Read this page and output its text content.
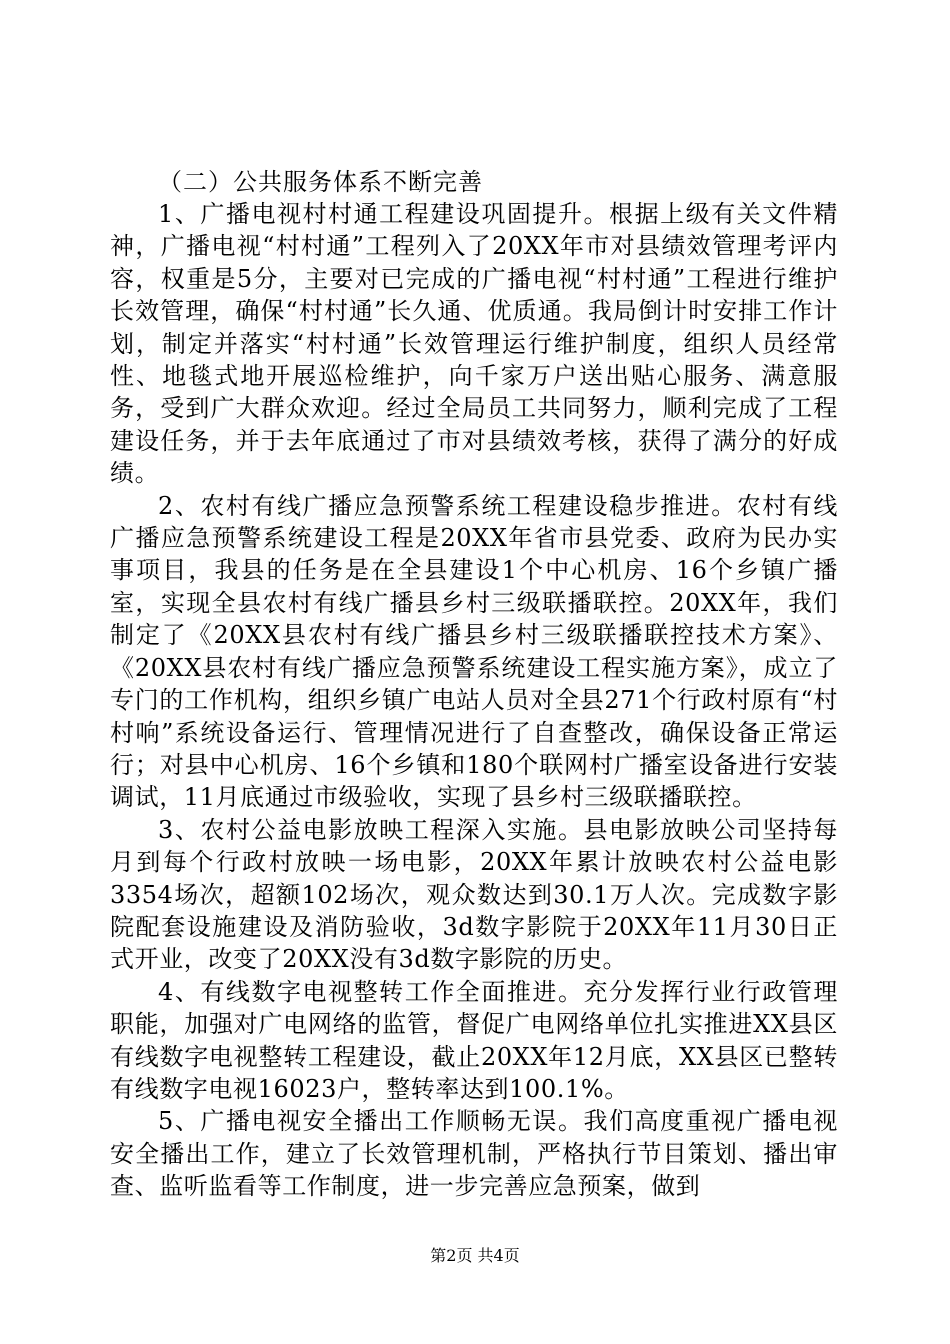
（二）公共服务体系不断完善

1、广播电视村村通工程建设巩固提升。根据上级有关文件精神，广播电视“村村通”工程列入了20XX年市对县绩效管理考评内容，权重是5分，主要对已完成的广播电视“村村通”工程进行维护长效管理，确保“村村通”长久通、优质通。我局倒计时安排工作计划，制定并落实“村村通”长效管理运行维护制度，组织人员经常性、地毯式地开展巡检维护，向千家万户送出贴心服务、满意服务，受到广大群众欢迎。经过全局员工共同努力，顺利完成了工程建设任务，并于去年底通过了市对县绩效考核，获得了满分的好成绩。

2、农村有线广播应急预警系统工程建设稳步推进。农村有线广播应急预警系统建设工程是20XX年省市县党委、政府为民办实事项目，我县的任务是在全县建设1个中心机房、16个乡镇广播室，实现全县农村有线广播县乡村三级联播联控。20XX年，我们制定了《20XX县农村有线广播县乡村三级联播联控技术方案》、《20XX县农村有线广播应急预警系统建设工程实施方案》，成立了专门的工作机构，组织乡镇广电站人员对全县271个行政村原有“村村响”系统设备运行、管理情况进行了自查整改，确保设备正常运行；对县中心机房、16个乡镇和180个联网村广播室设备进行安装调试，11月底通过市级验收，实现了县乡村三级联播联控。

3、农村公益电影放映工程深入实施。县电影放映公司坚持每月到每个行政村放映一场电影，20XX年累计放映农村公益电影3354场次，超额102场次，观众数达到30.1万人次。完成数字影院配套设施建设及消防验收，3d数字影院于20XX年11月30日正式开业，改变了20XX没有3d数字影院的历史。

4、有线数字电视整转工作全面推进。充分发挥行业行政管理职能，加强对广电网络的监管，督促广电网络单位扎实推进XX县区有线数字电视整转工程建设，截止20XX年12月底，XX县区已整转有线数字电视16023户，整转率达到100.1%。

5、广播电视安全播出工作顺畅无误。我们高度重视广播电视安全播出工作，建立了长效管理机制，严格执行节目策划、播出审查、监听监看等工作制度，进一步完善应急预案，做到

第2页 共4页
